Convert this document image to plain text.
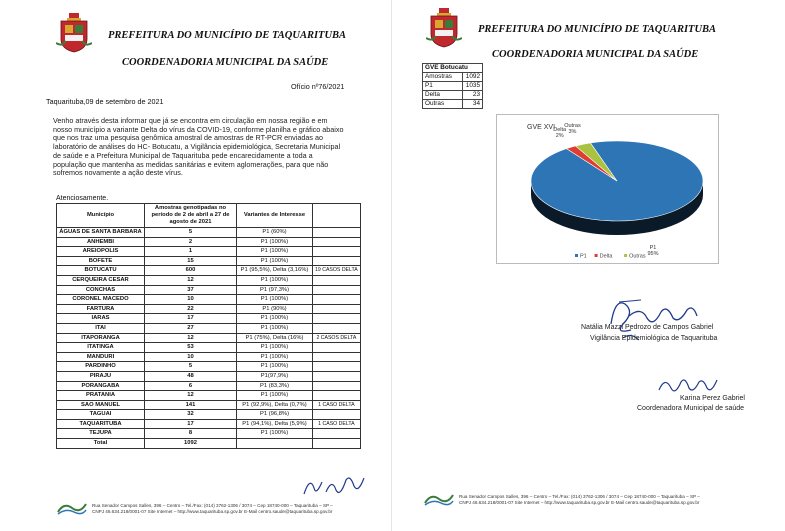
PREFEITURA DO MUNICÍPIO DE TAQUARITUBA
COORDENADORIA MUNICIPAL DA SAÚDE
Ofício nº76/2021
Taquarituba,09 de setembro de 2021
Venho através desta informar que já se encontra em circulação em nossa região e em
nosso município a variante Delta do vírus da COVID-19, conforme planilha e gráfico abaixo
que nos traz uma pesquisa genômica amostral de amostras de RT-PCR enviadas ao
laboratório de análises do HC- Botucatu, a Vigilância epidemiológica, Secretaria Municipal
de saúde e a Prefeitura Municipal de Taquarituba pede encarecidamente a toda a
população que mantenha as medidas sanitárias e evitem aglomerações, para que não
sofremos novamente a ação deste vírus.
Atenciosamente.
Município	Amostras genotipadas no período de 2 de abril a 27 de agosto de 2021	Variantes de Interesse	
ÁGUAS DE SANTA BARBARA	5	P1 (60%)	
ANHEMBI	2	P1 (100%)	
AREIOPOLIS	1	P1 (100%)	
BOFETE	15	P1 (100%)	
BOTUCATU	600	P1 (95,5%), Delta (3,16%)	19 CASOS DELTA
CERQUEIRA CESAR	12	P1 (100%)	
CONCHAS	37	P1 (97,3%)	
CORONEL MACEDO	10	P1 (100%)	
FARTURA	22	P1 (90%)	
IARAS	17	P1 (100%)	
ITAI	27	P1 (100%)	
ITAPORANGA	12	P1 (75%), Delta (16%)	2 CASOS DELTA
ITATINGA	53	P1 (100%)	
MANDURI	10	P1 (100%)	
PARDINHO	5	P1 (100%)	
PIRAJU	48	P1(97,9%)	
PORANGABA	6	P1 (83,3%)	
PRATANIA	12	P1 (100%)	
SAO MANUEL	141	P1 (92,9%), Delta (0,7%)	1 CASO DELTA
TAGUAI	32	P1 (96,8%)	
TAQUARITUBA	17	P1 (94,1%), Delta (5,9%)	1 CASO DELTA
TEJUPA	8	P1 (100%)	
Total	1092		
Rua Senador Campos Salles, 396 – Centro – Tel./Fax: (014) 3762-1306 / 3074 – Cep 18740-000 – Taquarituba – SP –
CNPJ 46.634.218/0001-07 Site Internet – http://www.taquarituba.sp.gov.br E-Mail centro.saude@taquarituba.sp.gov.br
PREFEITURA DO MUNICÍPIO DE TAQUARITUBA
COORDENADORIA MUNICIPAL DA SAÚDE
GVE Botucatu	
Amostras	1092
P1	1035
Delta	23
Outras	34
GVE XVI
P1
95%
Delta
2%
Outras
3%
P1 Delta	Outras
Natália Mazzi Pedrozo de Campos Gabriel
Vigilância Epidemiológica de Taquarituba
Karina Perez Gabriel
Coordenadora Municipal de saúde
Rua Senador Campos Salles, 396 – Centro – Tel./Fax: (014) 3762-1306 / 3074 – Cep 18740-000 – Taquarituba – SP –
CNPJ 46.634.218/0001-07 Site Internet – http://www.taquarituba.sp.gov.br E-Mail centro.saude@taquarituba.sp.gov.br
